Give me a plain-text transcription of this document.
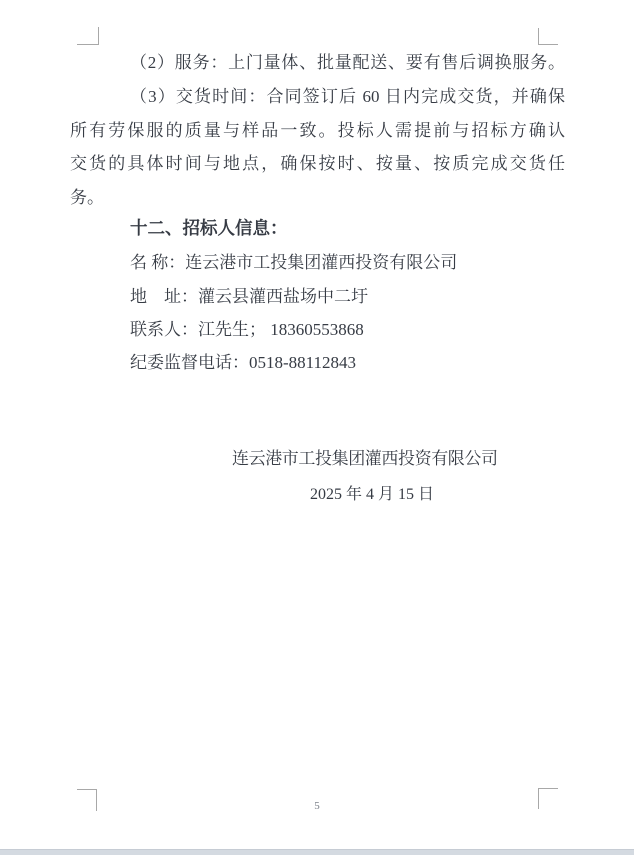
（2）服务：上门量体、批量配送、要有售后调换服务。
（3）交货时间：合同签订后 60 日内完成交货，并确保
所有劳保服的质量与样品一致。投标人需提前与招标方确认
交货的具体时间与地点，确保按时、按量、按质完成交货任
务。
十二、招标人信息：
名 称：连云港市工投集团灌西投资有限公司
地　址：灌云县灌西盐场中二圩
联系人：江先生； 18360553868
纪委监督电话：0518-88112843
连云港市工投集团灌西投资有限公司
2025 年 4 月 15 日
5
